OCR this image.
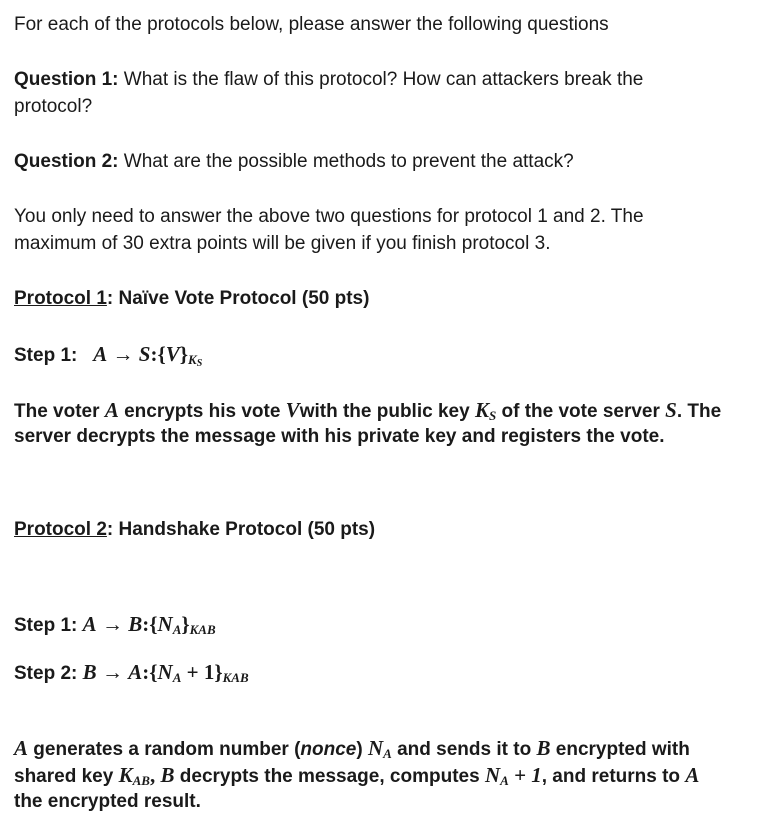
For each of the protocols below, please answer the following questions
Question 1: What is the flaw of this protocol? How can attackers break the
protocol?
Question 2: What are the possible methods to prevent the attack?
You only need to answer the above two questions for protocol 1 and 2. The
maximum of 30 extra points will be given if you finish protocol 3.
Protocol 1: Naïve Vote Protocol (50 pts)
Step 1: $A \to S:\{V\}_{K_S}$
The voter A encrypts his vote Vwith the public key $K_S$ of the vote server S. The
server decrypts the message with his private key and registers the vote.
Protocol 2: Handshake Protocol (50 pts)
Step 1: $A \to B:\{N_A\}_{KAB}$
Step 2: $B \to A:\{N_A + 1\}_{KAB}$
A generates a random number (nonce) $N_A$ and sends it to B encrypted with
shared key $K_{AB}$, B decrypts the message, computes $N_A + 1$, and returns to A
the encrypted result.
